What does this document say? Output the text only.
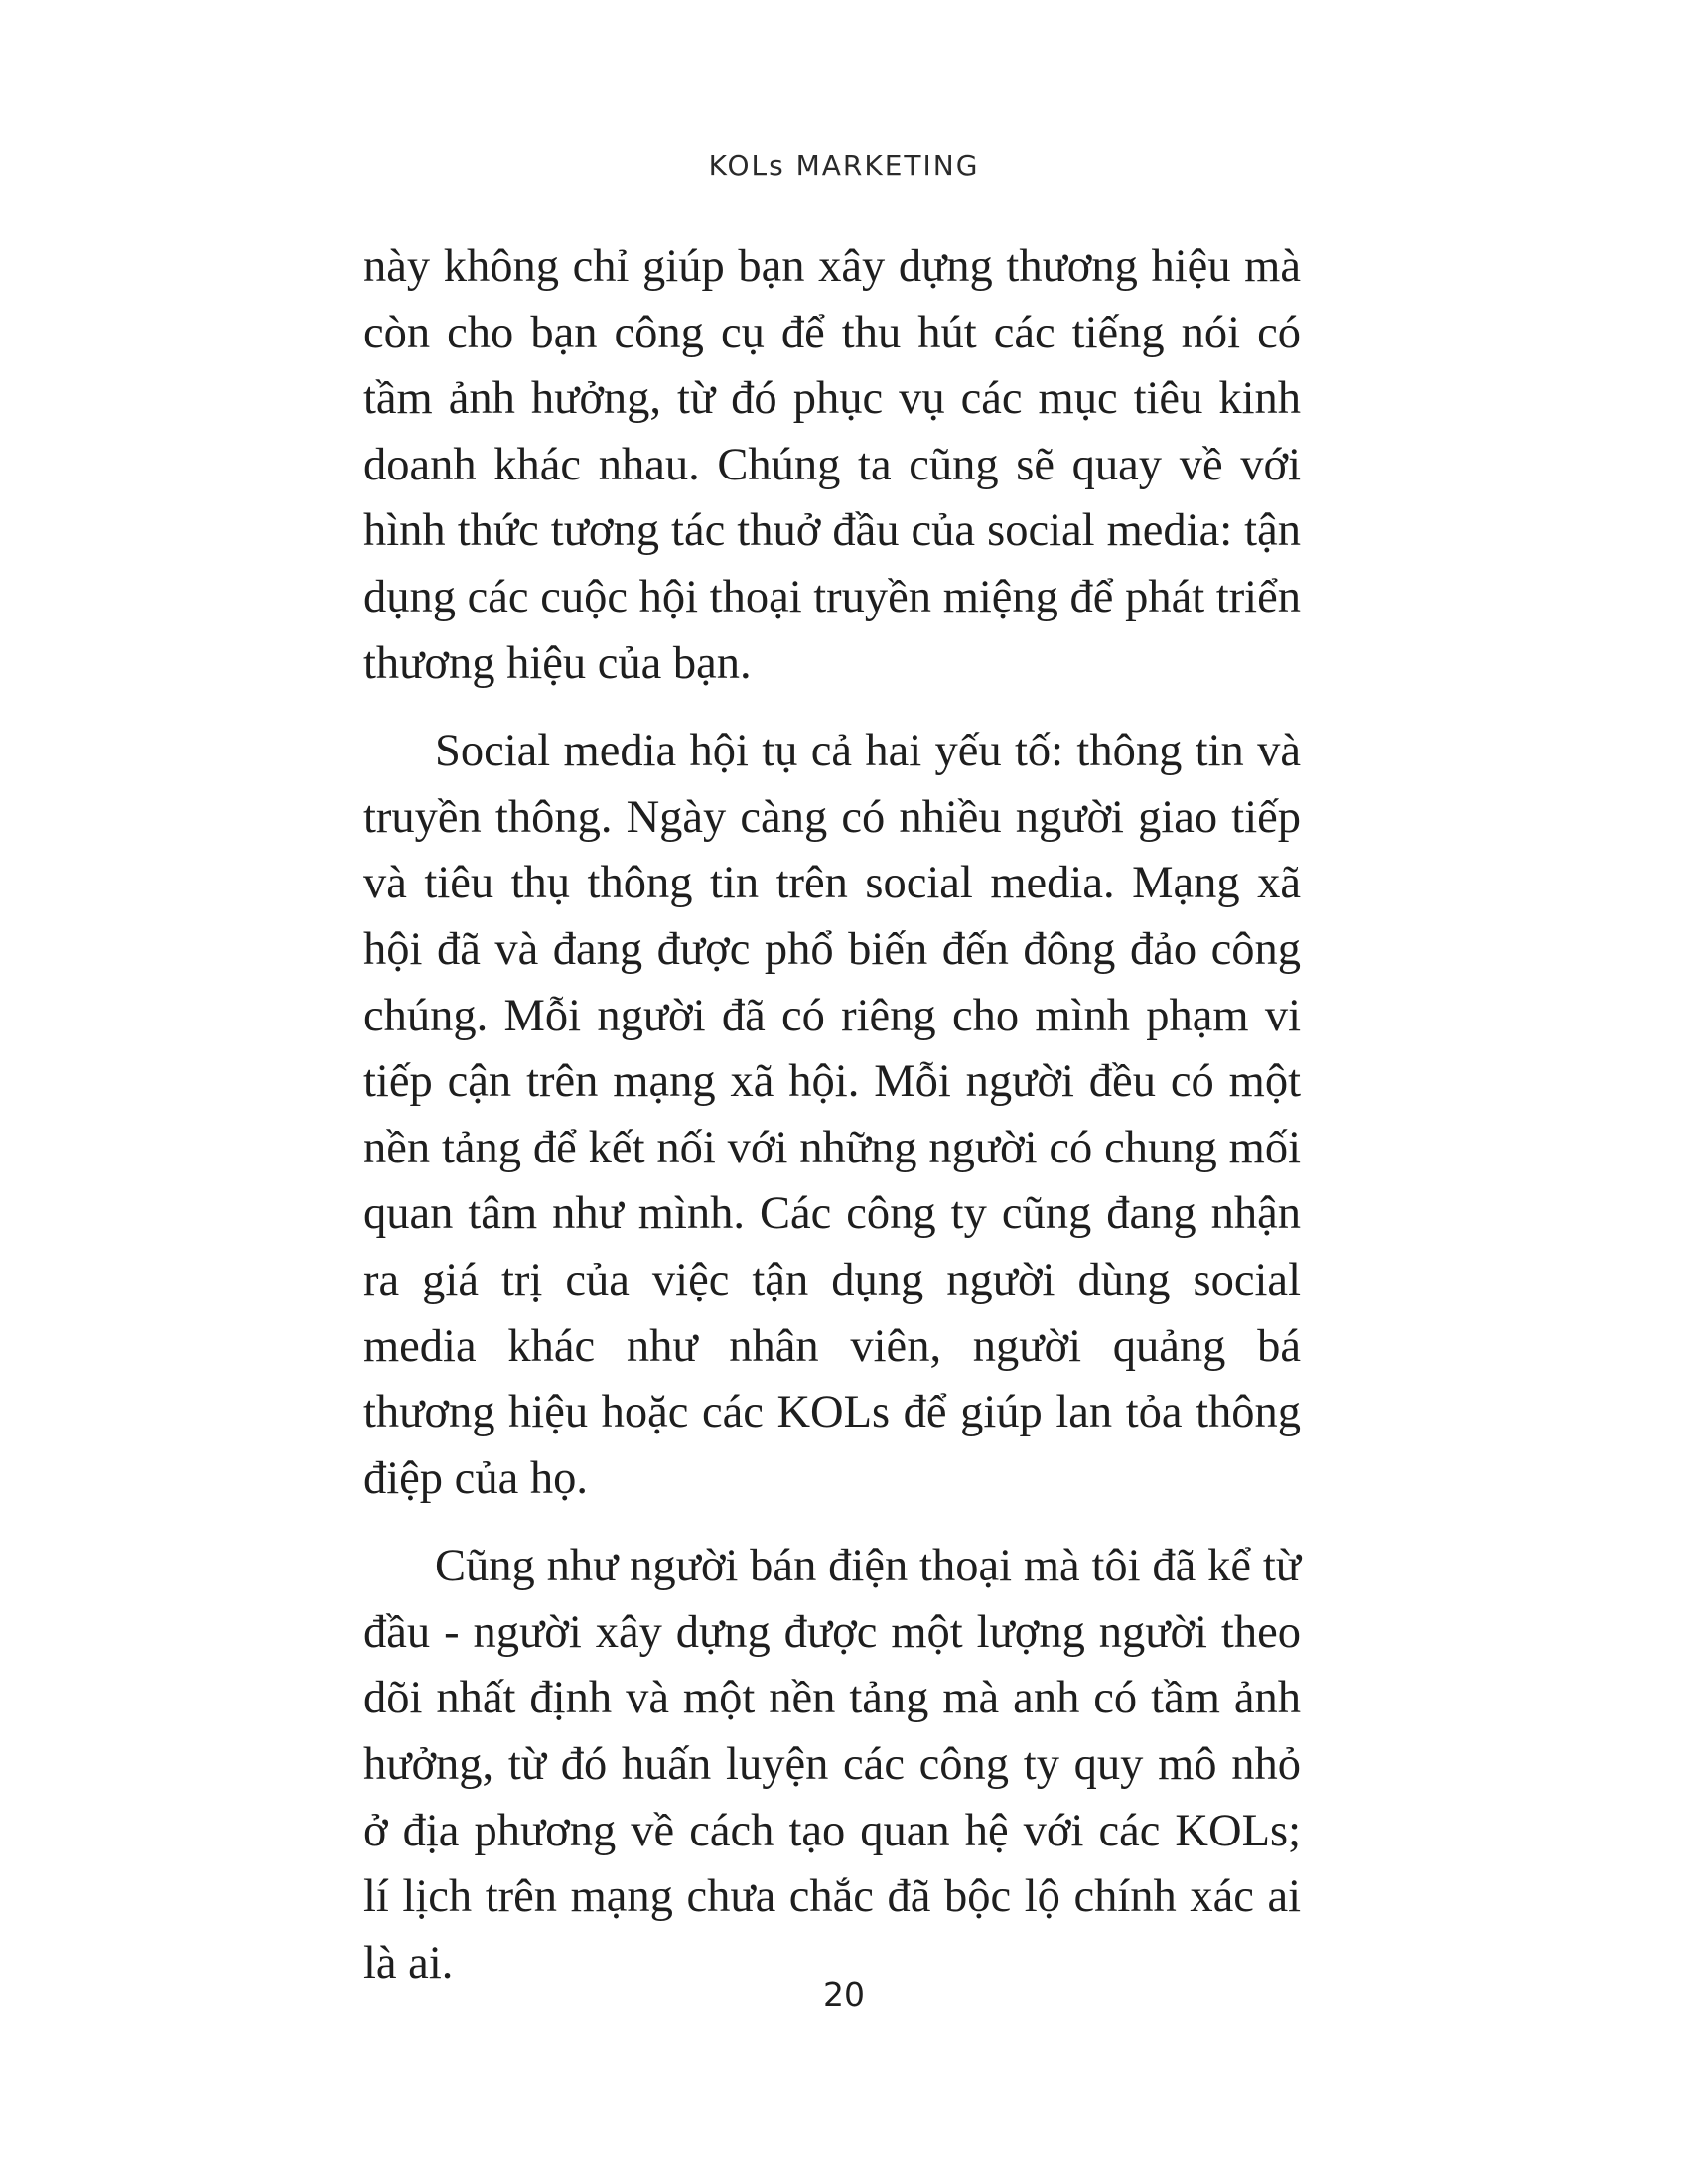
KOLs MARKETING

này không chỉ giúp bạn xây dựng thương hiệu mà còn cho bạn công cụ để thu hút các tiếng nói có tầm ảnh hưởng, từ đó phục vụ các mục tiêu kinh doanh khác nhau. Chúng ta cũng sẽ quay về với hình thức tương tác thuở đầu của social media: tận dụng các cuộc hội thoại truyền miệng để phát triển thương hiệu của bạn.

Social media hội tụ cả hai yếu tố: thông tin và truyền thông. Ngày càng có nhiều người giao tiếp và tiêu thụ thông tin trên social media. Mạng xã hội đã và đang được phổ biến đến đông đảo công chúng. Mỗi người đã có riêng cho mình phạm vi tiếp cận trên mạng xã hội. Mỗi người đều có một nền tảng để kết nối với những người có chung mối quan tâm như mình. Các công ty cũng đang nhận ra giá trị của việc tận dụng người dùng social media khác như nhân viên, người quảng bá thương hiệu hoặc các KOLs để giúp lan tỏa thông điệp của họ.

Cũng như người bán điện thoại mà tôi đã kể từ đầu - người xây dựng được một lượng người theo dõi nhất định và một nền tảng mà anh có tầm ảnh hưởng, từ đó huấn luyện các công ty quy mô nhỏ ở địa phương về cách tạo quan hệ với các KOLs; lí lịch trên mạng chưa chắc đã bộc lộ chính xác ai là ai.

20
